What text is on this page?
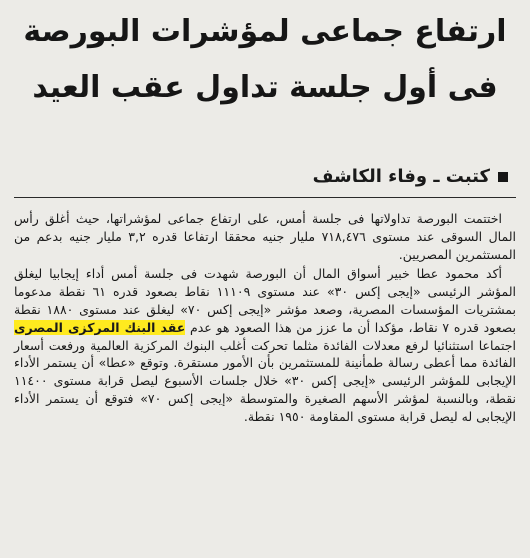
ارتفاع جماعى لمؤشرات البورصة
فى أول جلسة تداول عقب العيد
كتبت ـ وفاء الكاشف

اختتمت البورصة تداولاتها فى جلسة أمس، على ارتفاع جماعى لمؤشراتها، حيث أغلق رأس المال السوقى عند مستوى ٧١٨,٤٧٦ مليار جنيه محققا ارتفاعا قدره ٣,٢ مليار جنيه بدعم من المستثمرين المصريين.

أكد محمود عطا خبير أسواق المال أن البورصة شهدت فى جلسة أمس أداء إيجابيا ليغلق المؤشر الرئيسى «إيجى إكس ٣٠» عند مستوى ١١١٠٩ نقاط بصعود قدره ٦١ نقطة مدعوما بمشتريات المؤسسات المصرية، وصعد مؤشر «إيجى إكس ٧٠» ليغلق عند مستوى ١٨٨٠ نقطة بصعود قدره ٧ نقاط، مؤكدا أن ما عزز من هذا الصعود هو عدم عقد البنك المركزى المصرى اجتماعا استثنائيا لرفع معدلات الفائدة مثلما تحركت أغلب البنوك المركزية العالمية ورفعت أسعار الفائدة مما أعطى رسالة طمأنينة للمستثمرين بأن الأمور مستقرة. وتوقع «عطا» أن يستمر الأداء الإيجابى للمؤشر الرئيسى «إيجى إكس ٣٠» خلال جلسات الأسبوع ليصل قرابة مستوى ١١٤٠٠ نقطة، وبالنسبة لمؤشر الأسهم الصغيرة والمتوسطة «إيجى إكس ٧٠» فتوقع أن يستمر الأداء الإيجابى له ليصل قرابة مستوى المقاومة ١٩٥٠ نقطة.
